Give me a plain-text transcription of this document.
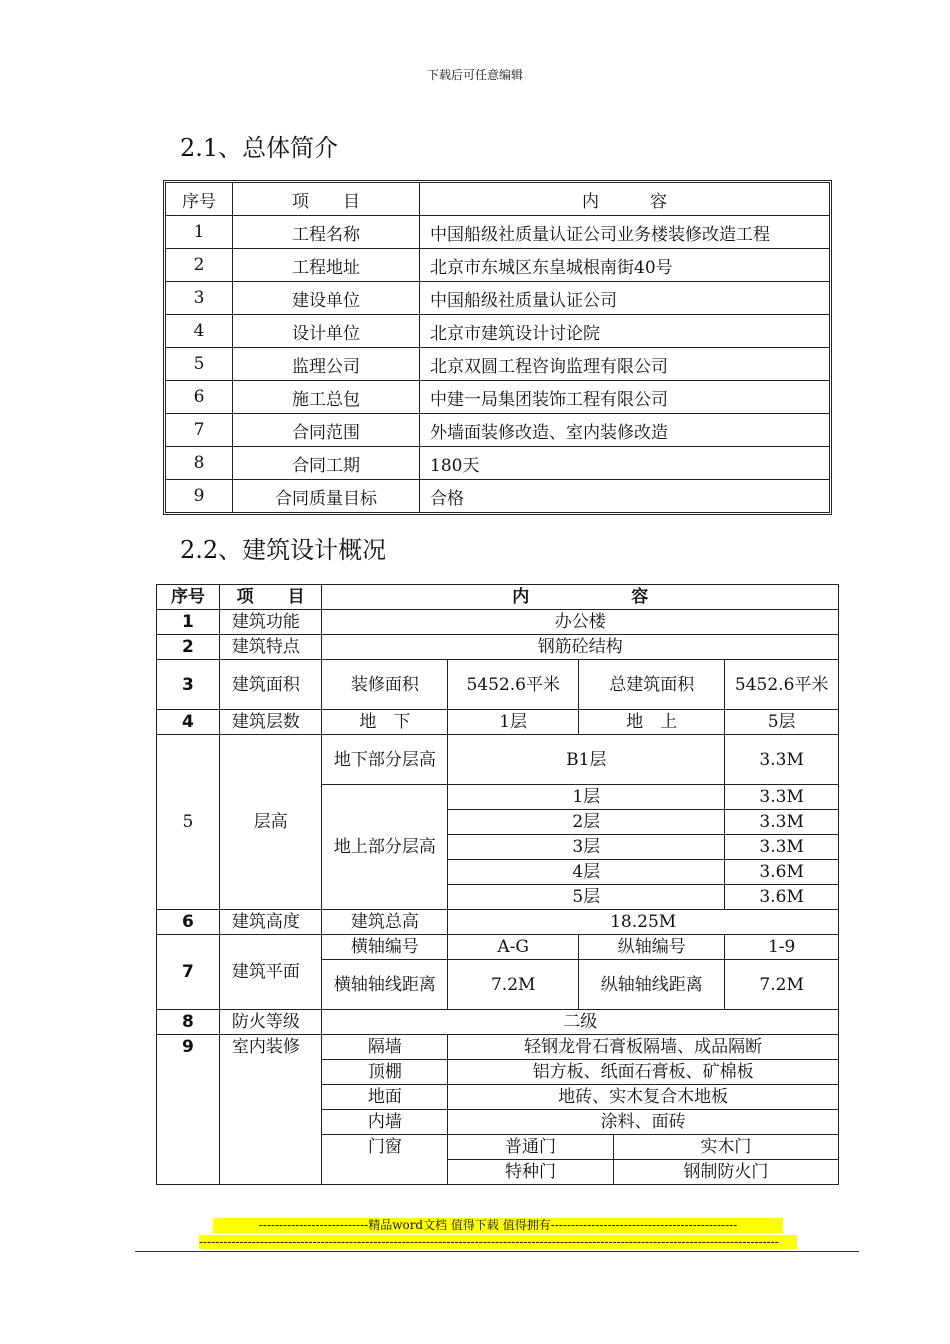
下载后可任意编辑
2.1、总体简介
序号	项　　目	内　　　容
1	工程名称	中国船级社质量认证公司业务楼装修改造工程
2	工程地址	北京市东城区东皇城根南街40号
3	建设单位	中国船级社质量认证公司
4	设计单位	北京市建筑设计讨论院
5	监理公司	北京双圆工程咨询监理有限公司
6	施工总包	中建一局集团装饰工程有限公司
7	合同范围	外墙面装修改造、室内装修改造
8	合同工期	180天
9	合同质量目标	合格
2.2、建筑设计概况
序号	项　　目	内　　　　　　容				
1	建筑功能	办公楼				
2	建筑特点	钢筋砼结构				
3	建筑面积	装修面积	5452.6平米	总建筑面积		5452.6平米
4	建筑层数	地　下	1层	地　上		5层
5	层高	地下部分层高	B1层			3.3M
		地上部分层高	1层			3.3M
			2层			3.3M
			3层			3.3M
			4层			3.6M
			5层			3.6M
6	建筑高度	建筑总高	18.25M			
7	建筑平面	横轴编号	A-G	纵轴编号		1-9
		横轴轴线距离	7.2M	纵轴轴线距离		7.2M
8	防火等级	二级				
9	室内装修	隔墙	轻钢龙骨石膏板隔墙、成品隔断			
		顶棚	铝方板、纸面石膏板、矿棉板			
		地面	地砖、实木复合木地板			
		内墙	涂料、面砖			
		门窗	普通门		实木门	
			特种门		钢制防火门	
---------------------------精品word文档 值得下载 值得拥有----------------------------------------------
-----------------------------------------------------------------------------------------------------------------------------------------------
